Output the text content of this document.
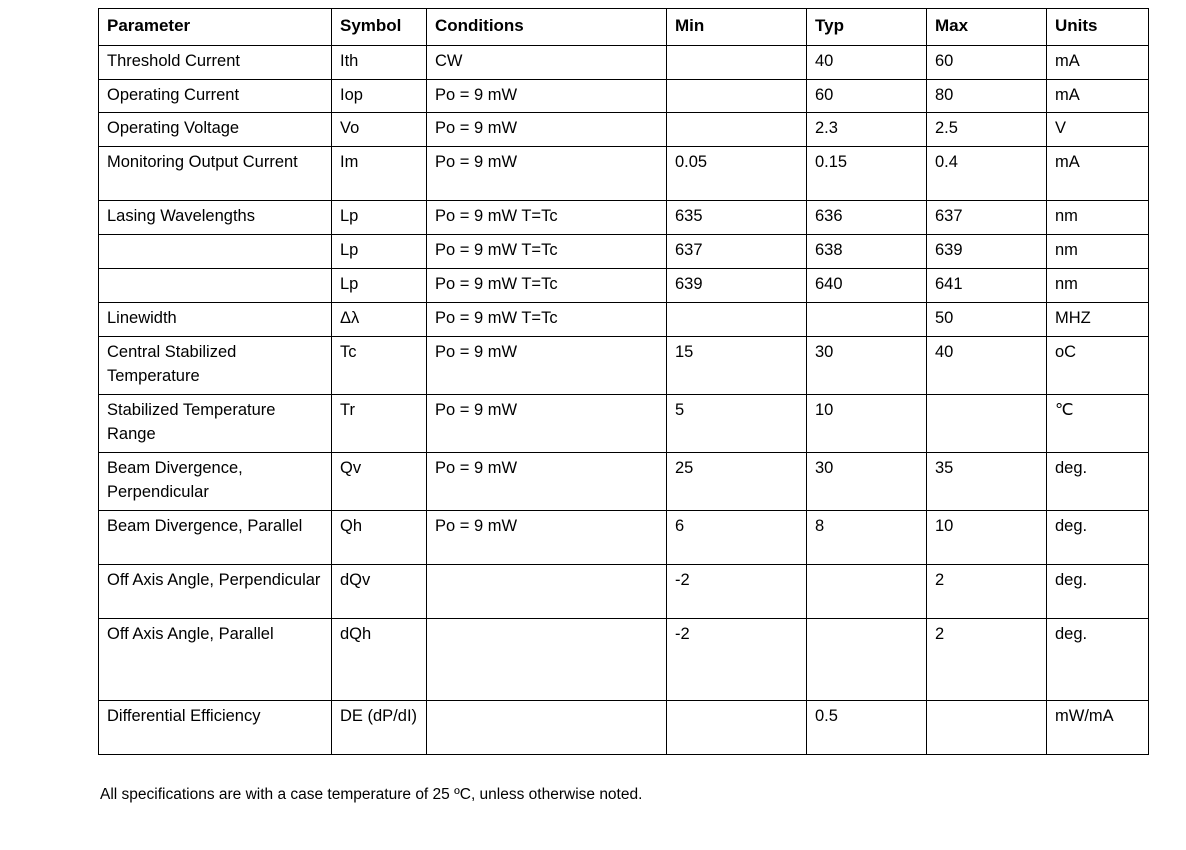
Parameter	Symbol	Conditions	Min	Typ	Max	Units
Threshold Current	Ith	CW		40	60	mA
Operating Current	Iop	Po = 9 mW		60	80	mA
Operating Voltage	Vo	Po = 9 mW		2.3	2.5	V
Monitoring Output Current	Im	Po = 9 mW	0.05	0.15	0.4	mA
Lasing Wavelengths	Lp	Po = 9 mW T=Tc	635	636	637	nm
	Lp	Po = 9 mW T=Tc	637	638	639	nm
	Lp	Po = 9 mW T=Tc	639	640	641	nm
Linewidth	Δλ	Po = 9 mW T=Tc			50	MHZ
Central Stabilized Temperature	Tc	Po = 9 mW	15	30	40	oC
Stabilized Temperature Range	Tr	Po = 9 mW	5	10		℃
Beam Divergence, Perpendicular	Qv	Po = 9 mW	25	30	35	deg.
Beam Divergence, Parallel	Qh	Po = 9 mW	6	8	10	deg.
Off Axis Angle, Perpendicular	dQv		-2		2	deg.
Off Axis Angle, Parallel	dQh		-2		2	deg.
Differential Efficiency	DE (dP/dI)			0.5		mW/mA
All specifications are with a case temperature of 25 ºC, unless otherwise noted.
